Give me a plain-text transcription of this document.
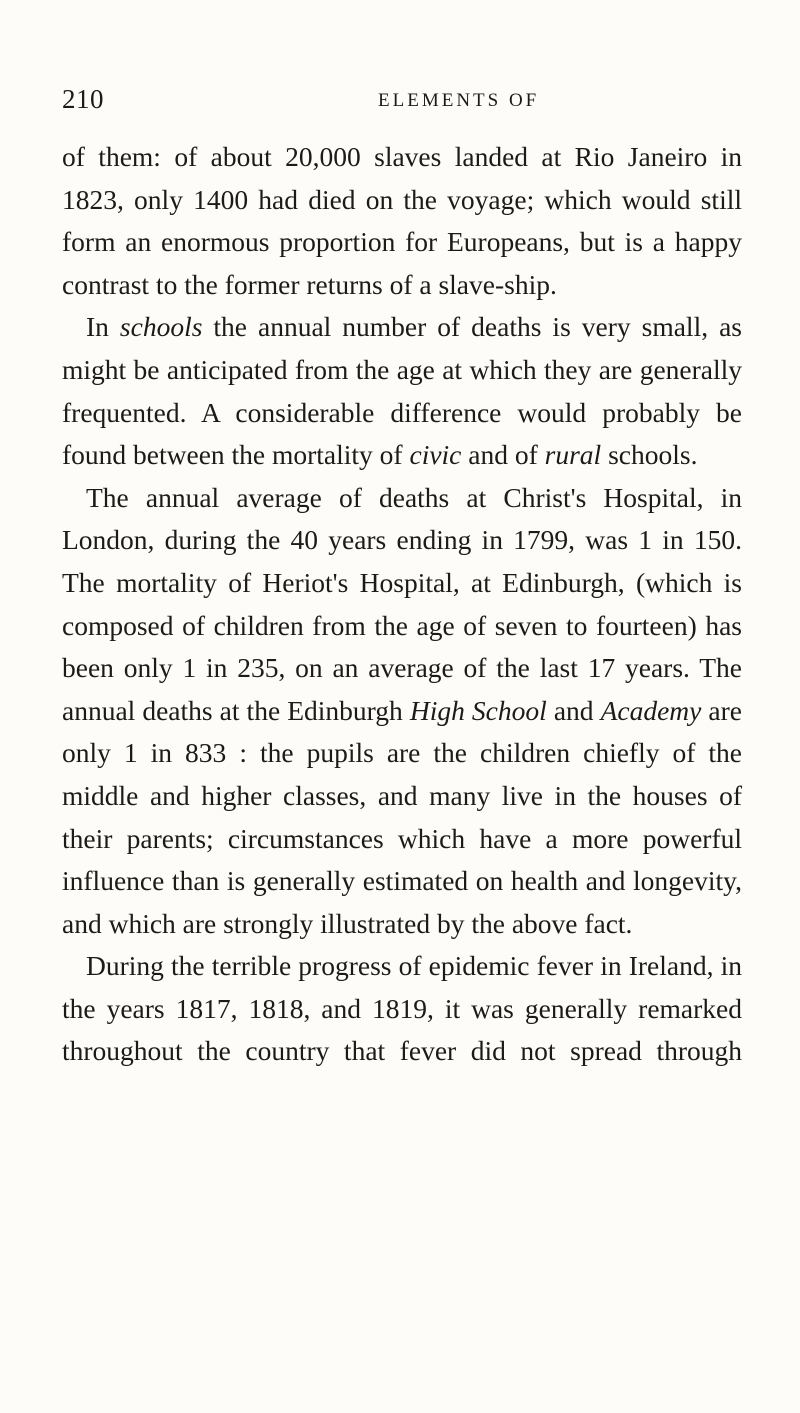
210	ELEMENTS OF

of them: of about 20,000 slaves landed at Rio Janeiro in 1823, only 1400 had died on the voyage; which would still form an enormous proportion for Europeans, but is a happy contrast to the former returns of a slave-ship.

In schools the annual number of deaths is very small, as might be anticipated from the age at which they are generally frequented. A considerable difference would probably be found between the mortality of civic and of rural schools.

The annual average of deaths at Christ's Hospital, in London, during the 40 years ending in 1799, was 1 in 150. The mortality of Heriot's Hospital, at Edinburgh, (which is composed of children from the age of seven to fourteen) has been only 1 in 235, on an average of the last 17 years. The annual deaths at the Edinburgh High School and Academy are only 1 in 833 : the pupils are the children chiefly of the middle and higher classes, and many live in the houses of their parents; circumstances which have a more powerful influence than is generally estimated on health and longevity, and which are strongly illustrated by the above fact.

During the terrible progress of epidemic fever in Ireland, in the years 1817, 1818, and 1819, it was generally remarked throughout the country that fever did not spread through
